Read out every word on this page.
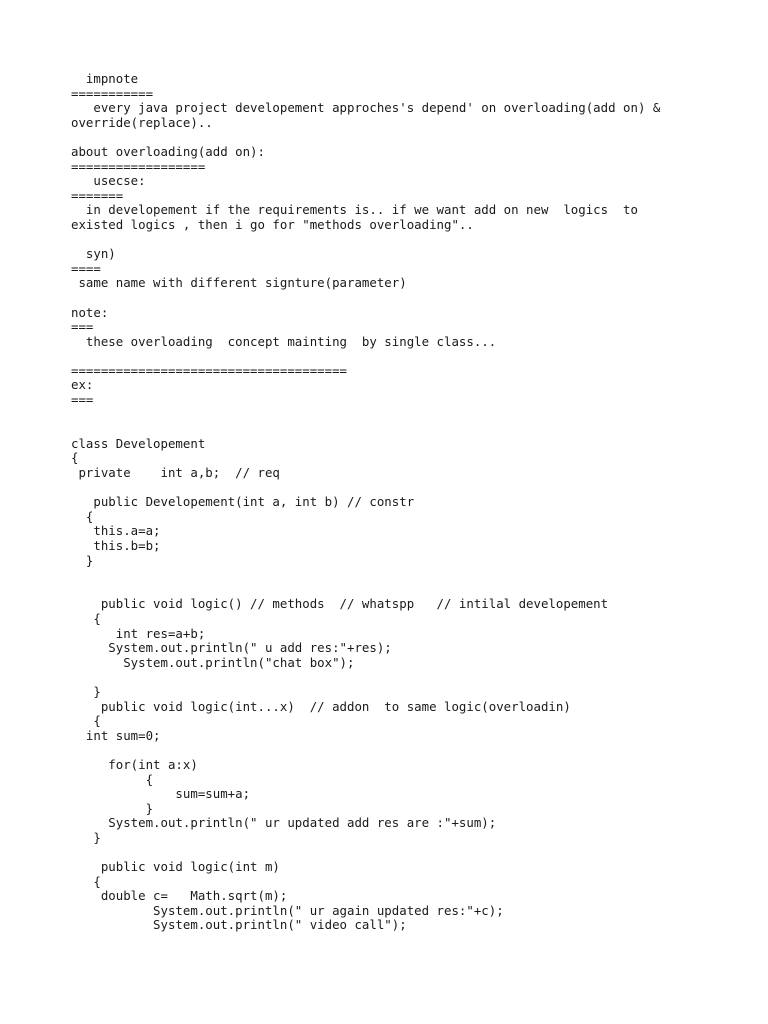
impnote
===========
every java project developement approches's depend' on overloading(add on) &
override(replace)..
about overloading(add on):
==================
usecse:
=======
in developement if the requirements is.. if we want add on new  logics  to
existed logics , then i go for "methods overloading"..
syn)
====
same name with different signture(parameter)
note:
===
these overloading  concept mainting  by single class...
=====================================
ex:
===
class Developement
{
private    int a,b;  // req
public Developement(int a, int b) // constr
{
this.a=a;
this.b=b;
}
public void logic() // methods  // whatspp   // intilal developement
{
int res=a+b;
System.out.println(" u add res:"+res);
System.out.println("chat box");
}
public void logic(int...x)  // addon  to same logic(overloadin)
{
int sum=0;
for(int a:x)
{
sum=sum+a;
}
System.out.println(" ur updated add res are :"+sum);
}
public void logic(int m)
{
double c=   Math.sqrt(m);
System.out.println(" ur again updated res:"+c);
System.out.println(" video call");
